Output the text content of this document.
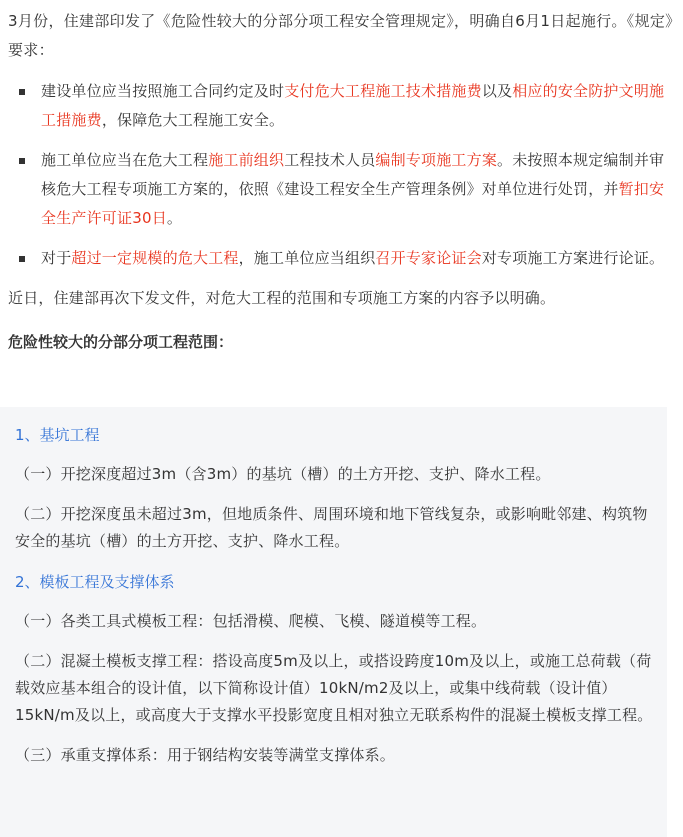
3月份，住建部印发了《危险性较大的分部分项工程安全管理规定》，明确自6月1日起施行。《规定》要求：

建设单位应当按照施工合同约定及时支付危大工程施工技术措施费以及相应的安全防护文明施工措施费，保障危大工程施工安全。
施工单位应当在危大工程施工前组织工程技术人员编制专项施工方案。未按照本规定编制并审核危大工程专项施工方案的，依照《建设工程安全生产管理条例》对单位进行处罚，并暂扣安全生产许可证30日。
对于超过一定规模的危大工程，施工单位应当组织召开专家论证会对专项施工方案进行论证。

近日，住建部再次下发文件，对危大工程的范围和专项施工方案的内容予以明确。

危险性较大的分部分项工程范围：

1、基坑工程

（一）开挖深度超过3m（含3m）的基坑（槽）的土方开挖、支护、降水工程。

（二）开挖深度虽未超过3m，但地质条件、周围环境和地下管线复杂，或影响毗邻建、构筑物安全的基坑（槽）的土方开挖、支护、降水工程。

2、模板工程及支撑体系

（一）各类工具式模板工程：包括滑模、爬模、飞模、隧道模等工程。

（二）混凝土模板支撑工程：搭设高度5m及以上，或搭设跨度10m及以上，或施工总荷载（荷载效应基本组合的设计值，以下简称设计值）10kN/m2及以上，或集中线荷载（设计值）15kN/m及以上，或高度大于支撑水平投影宽度且相对独立无联系构件的混凝土模板支撑工程。

（三）承重支撑体系：用于钢结构安装等满堂支撑体系。
